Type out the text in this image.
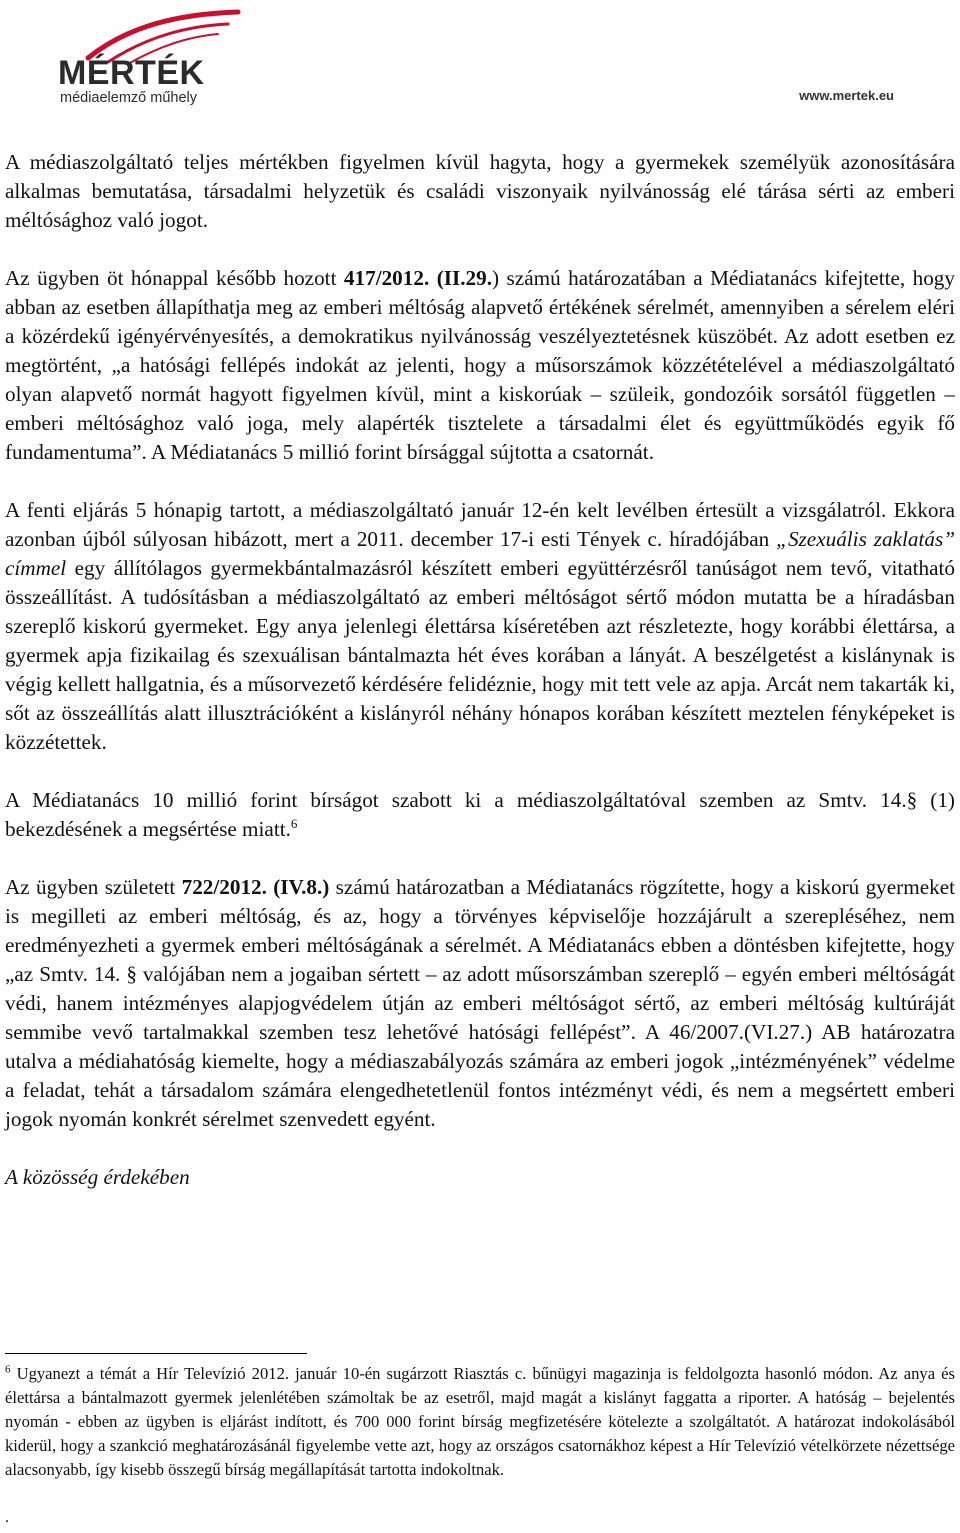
MÉRTÉK
médiaelemző műhely	www.mertek.eu

A médiaszolgáltató teljes mértékben figyelmen kívül hagyta, hogy a gyermekek személyük azonosítására alkalmas bemutatása, társadalmi helyzetük és családi viszonyaik nyilvánosság elé tárása sérti az emberi méltósághoz való jogot.

Az ügyben öt hónappal később hozott 417/2012. (II.29.) számú határozatában a Médiatanács kifejtette, hogy abban az esetben állapíthatja meg az emberi méltóság alapvető értékének sérelmét, amennyiben a sérelem eléri a közérdekű igényérvényesítés, a demokratikus nyilvánosság veszélyeztetésnek küszöbét. Az adott esetben ez megtörtént, „a hatósági fellépés indokát az jelenti, hogy a műsorszámok közzétételével a médiaszolgáltató olyan alapvető normát hagyott figyelmen kívül, mint a kiskorúak – szüleik, gondozóik sorsától független – emberi méltósághoz való joga, mely alapérték tisztelete a társadalmi élet és együttműködés egyik fő fundamentuma”. A Médiatanács 5 millió forint bírsággal sújtotta a csatornát.

A fenti eljárás 5 hónapig tartott, a médiaszolgáltató január 12-én kelt levélben értesült a vizsgálatról. Ekkora azonban újból súlyosan hibázott, mert a 2011. december 17-i esti Tények c. híradójában „Szexuális zaklatás” címmel egy állítólagos gyermekbántalmazásról készített emberi együttérzésről tanúságot nem tevő, vitatható összeállítást. A tudósításban a médiaszolgáltató az emberi méltóságot sértő módon mutatta be a híradásban szereplő kiskorú gyermeket. Egy anya jelenlegi élettársa kíséretében azt részletezte, hogy korábbi élettársa, a gyermek apja fizikailag és szexuálisan bántalmazta hét éves korában a lányát. A beszélgetést a kislánynak is végig kellett hallgatnia, és a műsorvezető kérdésére felidéznie, hogy mit tett vele az apja. Arcát nem takarták ki, sőt az összeállítás alatt illusztrációként a kislányról néhány hónapos korában készített meztelen fényképeket is közzétettek.

A Médiatanács 10 millió forint bírságot szabott ki a médiaszolgáltatóval szemben az Smtv. 14.§ (1) bekezdésének a megsértése miatt.$^6$

Az ügyben született 722/2012. (IV.8.) számú határozatban a Médiatanács rögzítette, hogy a kiskorú gyermeket is megilleti az emberi méltóság, és az, hogy a törvényes képviselője hozzájárult a szerepléséhez, nem eredményezheti a gyermek emberi méltóságának a sérelmét. A Médiatanács ebben a döntésben kifejtette, hogy „az Smtv. 14. § valójában nem a jogaiban sértett – az adott műsorszámban szereplő – egyén emberi méltóságát védi, hanem intézményes alapjogvédelem útján az emberi méltóságot sértő, az emberi méltóság kultúráját semmibe vevő tartalmakkal szemben tesz lehetővé hatósági fellépést”. A 46/2007.(VI.27.) AB határozatra utalva a médiahatóság kiemelte, hogy a médiaszabályozás számára az emberi jogok „intézményének” védelme a feladat, tehát a társadalom számára elengedhetetlenül fontos intézményt védi, és nem a megsértett emberi jogok nyomán konkrét sérelmet szenvedett egyént.

A közösség érdekében

$^6$ Ugyanezt a témát a Hír Televízió 2012. január 10-én sugárzott Riasztás c. bűnügyi magazinja is feldolgozta hasonló módon. Az anya és élettársa a bántalmazott gyermek jelenlétében számoltak be az esetről, majd magát a kislányt faggatta a riporter. A hatóság – bejelentés nyomán - ebben az ügyben is eljárást indított, és 700 000 forint bírság megfizetésére kötelezte a szolgáltatót. A határozat indokolásából kiderül, hogy a szankció meghatározásánál figyelembe vette azt, hogy az országos csatornákhoz képest a Hír Televízió vételkörzete nézettsége alacsonyabb, így kisebb összegű bírság megállapítását tartotta indokoltnak.
.
